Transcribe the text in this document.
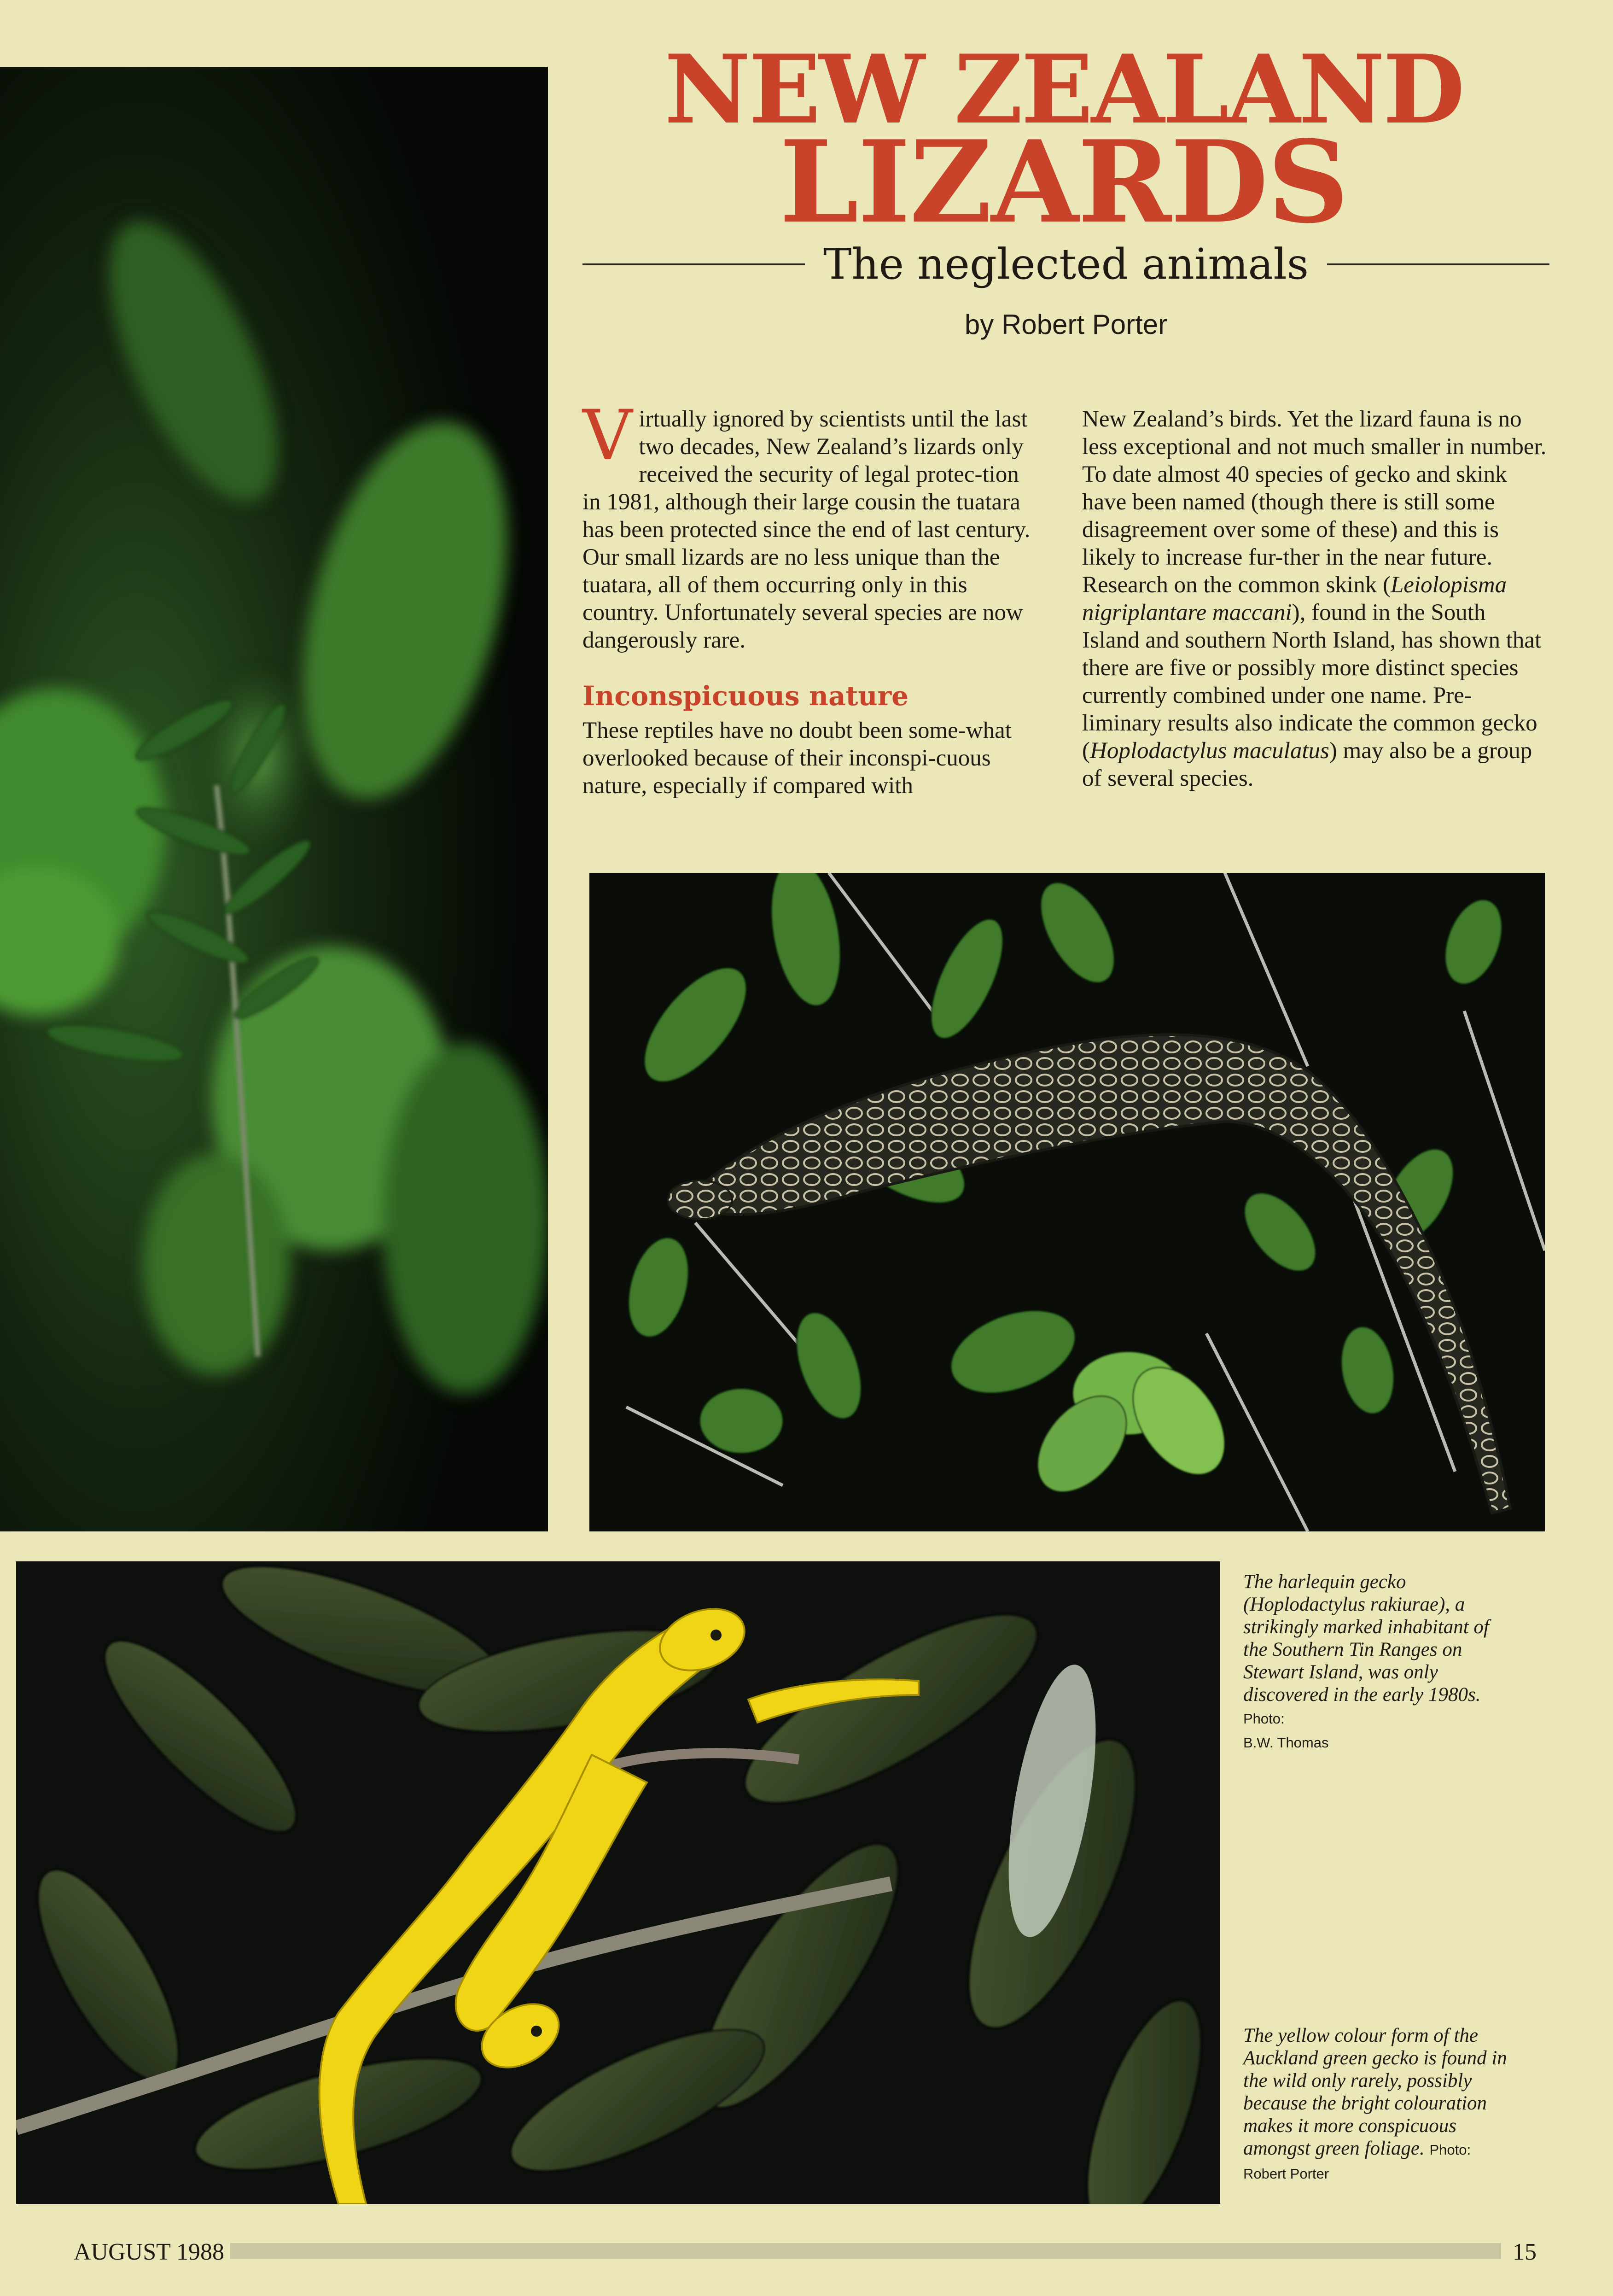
NEW ZEALAND
LIZARDS
The neglected animals
by Robert Porter

Virtually ignored by scientists until the last two decades, New Zealand’s lizards only received the security of legal protec-tion in 1981, although their large cousin the tuatara has been protected since the end of last century.

Our small lizards are no less unique than the tuatara, all of them occurring only in this country. Unfortunately several species are now dangerously rare.

Inconspicuous nature

These reptiles have no doubt been some-what overlooked because of their inconspi-cuous nature, especially if compared with

New Zealand’s birds. Yet the lizard fauna is no less exceptional and not much smaller in number. To date almost 40 species of gecko and skink have been named (though there is still some disagreement over some of these) and this is likely to increase fur-ther in the near future. Research on the common skink (Leiolopisma nigriplantare maccani), found in the South Island and southern North Island, has shown that there are five or possibly more distinct species currently combined under one name. Pre-liminary results also indicate the common gecko (Hoplodactylus maculatus) may also be a group of several species.

The harlequin gecko (Hoplodactylus rakiurae), a strikingly marked inhabitant of the Southern Tin Ranges on Stewart Island, was only discovered in the early 1980s. Photo:
B.W. Thomas
The yellow colour form of the Auckland green gecko is found in the wild only rarely, possibly because the bright colouration makes it more conspicuous amongst green foliage. Photo:
Robert Porter
AUGUST 1988	15
